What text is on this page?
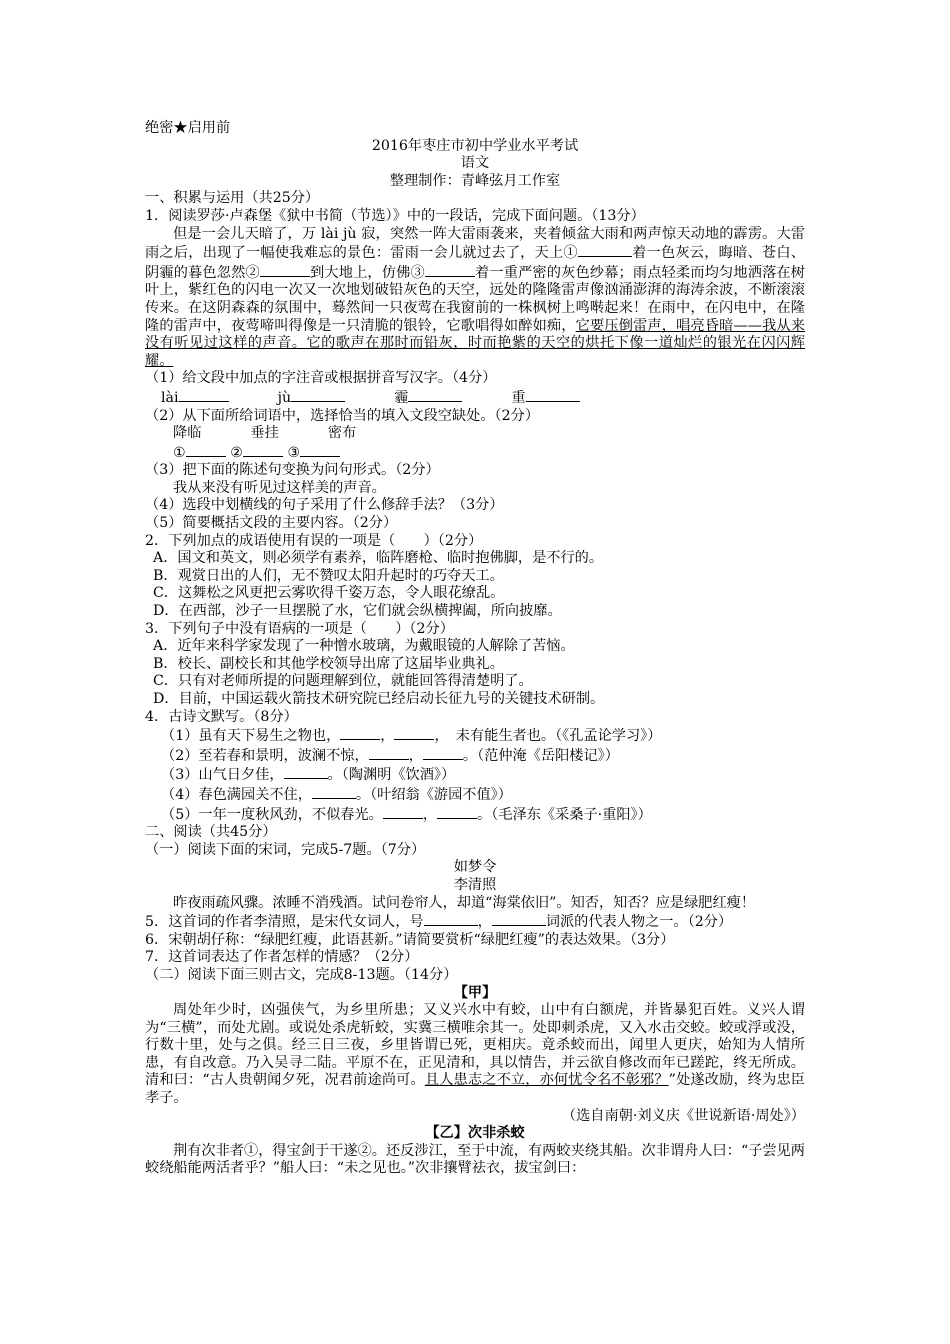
绝密★启用前
2016年枣庄市初中学业水平考试
语文
整理制作：青峰弦月工作室
一、积累与运用（共25分）
1．阅读罗莎·卢森堡《狱中书简（节选）》中的一段话，完成下面问题。（13分）
但是一会儿天暗了，万 lài jù 寂，突然一阵大雷雨袭来，夹着倾盆大雨和两声惊天动地的霹雳。大雷雨之后，出现了一幅使我难忘的景色：雷雨一会儿就过去了，天上①	着一色灰云，晦暗、苍白、阴霾的暮色忽然②	到大地上，仿佛③	着一重严密的灰色纱幕；雨点轻柔而均匀地洒落在树叶上，紫红色的闪电一次又一次地划破铅灰色的天空，远处的隆隆雷声像汹涌澎湃的海涛余波，不断滚滚传来。在这阴森森的氛围中，蓦然间一只夜莺在我窗前的一株枫树上鸣啭起来！在雨中，在闪电中，在隆隆的雷声中，夜莺啼叫得像是一只清脆的银铃，它歌唱得如醉如痴，它要压倒雷声，唱亮昏暗——我从来没有听见过这样的声音。它的歌声在那时而铅灰，时而艳紫的天空的烘托下像一道灿烂的银光在闪闪辉耀。
（1）给文段中加点的字注音或根据拼音写汉字。（4分）
lài	jù	霾	重
（2）从下面所给词语中，选择恰当的填入文段空缺处。（2分）
降临	垂挂	密布
①	②	③
（3）把下面的陈述句变换为问句形式。（2分）
我从来没有听见过这样美的声音。
（4）选段中划横线的句子采用了什么修辞手法？（3分）
（5）简要概括文段的主要内容。（2分）
2．下列加点的成语使用有误的一项是（　　）（2分）
A．国文和英文，则必须学有素养，临阵磨枪、临时抱佛脚，是不行的。
B．观赏日出的人们，无不赞叹太阳升起时的巧夺天工。
C．这舞松之风更把云雾吹得千姿万态，令人眼花缭乱。
D．在西部，沙子一旦摆脱了水，它们就会纵横捭阖，所向披靡。
3．下列句子中没有语病的一项是（　　）（2分）
A．近年来科学家发现了一种憎水玻璃，为戴眼镜的人解除了苦恼。
B．校长、副校长和其他学校领导出席了这届毕业典礼。
C．只有对老师所提的问题理解到位，就能回答得清楚明了。
D．目前，中国运载火箭技术研究院已经启动长征九号的关键技术研制。
4．古诗文默写。（8分）
（1）虽有天下易生之物也，	，	，　未有能生者也。（《孔孟论学习》）
（2）至若春和景明，波澜不惊，	，	。（范仲淹《岳阳楼记》）
（3）山气日夕佳，	。（陶渊明《饮酒》）
（4）春色满园关不住，	。（叶绍翁《游园不值》）
（5）一年一度秋风劲，不似春光。	，	。（毛泽东《采桑子·重阳》）
二、阅读（共45分）
（一）阅读下面的宋词，完成5-7题。（7分）
如梦令
李清照
昨夜雨疏风骤。浓睡不消残酒。试问卷帘人，却道“海棠依旧”。知否，知否？应是绿肥红瘦！
5．这首词的作者李清照，是宋代女词人，号	，	词派的代表人物之一。（2分）
6．宋朝胡仔称：“绿肥红瘦，此语甚新。”请简要赏析“绿肥红瘦”的表达效果。（3分）
7．这首词表达了作者怎样的情感？（2分）
（二）阅读下面三则古文，完成8-13题。（14分）
【甲】
周处年少时，凶强侠气，为乡里所患；又义兴水中有蛟，山中有白额虎，并皆暴犯百姓。义兴人谓为“三横”，而处尤剧。或说处杀虎斩蛟，实冀三横唯余其一。处即刺杀虎，又入水击交蛟。蛟或浮或没，行数十里，处与之俱。经三日三夜，乡里皆谓已死，更相庆。竟杀蛟而出，闻里人更庆，始知为人情所患，有自改意。乃入吴寻二陆。平原不在，正见清和，具以情告，并云欲自修改而年已蹉跎，终无所成。清和曰：“古人贵朝闻夕死，况君前途尚可。且人患志之不立，亦何忧令名不彰邪？”处遂改励，终为忠臣孝子。
（选自南朝·刘义庆《世说新语·周处》）
【乙】次非杀蛟
荆有次非者①，得宝剑于干遂②。还反涉江，至于中流，有两蛟夹绕其船。次非谓舟人曰：“子尝见两蛟绕船能两活者乎？”船人曰：“未之见也。”次非攘臂祛衣，拔宝剑曰：
